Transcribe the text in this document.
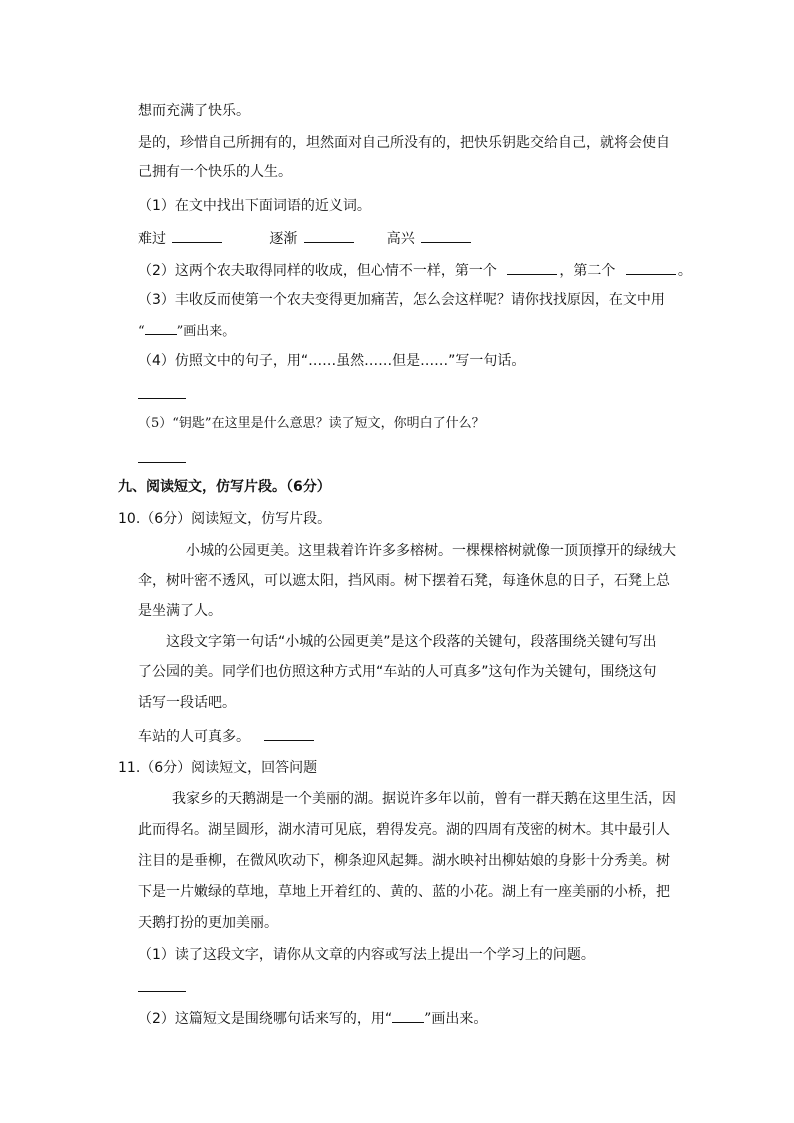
想而充满了快乐。
是的，珍惜自己所拥有的，坦然面对自己所没有的，把快乐钥匙交给自己，就将会使自
己拥有一个快乐的人生。
（1）在文中找出下面词语的近义词。
难过	逐渐	高兴
（2）这两个农夫取得同样的收成，但心情不一样，第一个	，第二个	。
（3）丰收反而使第一个农夫变得更加痛苦，怎么会这样呢？请你找找原因，在文中用
“ ”画出来。
（4）仿照文中的句子，用“……虽然……但是……”写一句话。
（5）“钥匙”在这里是什么意思？读了短文，你明白了什么？
九、阅读短文，仿写片段。（6分）
10.（6分）阅读短文，仿写片段。
小城的公园更美。这里栽着许许多多榕树。一棵棵榕树就像一顶顶撑开的绿绒大
伞，树叶密不透风，可以遮太阳，挡风雨。树下摆着石凳，每逢休息的日子，石凳上总
是坐满了人。
这段文字第一句话“小城的公园更美”是这个段落的关键句，段落围绕关键句写出
了公园的美。同学们也仿照这种方式用“车站的人可真多”这句作为关键句，围绕这句
话写一段话吧。
车站的人可真多。
11.（6分）阅读短文，回答问题
我家乡的天鹅湖是一个美丽的湖。据说许多年以前，曾有一群天鹅在这里生活，因
此而得名。湖呈圆形，湖水清可见底，碧得发亮。湖的四周有茂密的树木。其中最引人
注目的是垂柳，在微风吹动下，柳条迎风起舞。湖水映衬出柳姑娘的身影十分秀美。树
下是一片嫩绿的草地，草地上开着红的、黄的、蓝的小花。湖上有一座美丽的小桥，把
天鹅打扮的更加美丽。
（1）读了这段文字，请你从文章的内容或写法上提出一个学习上的问题。
（2）这篇短文是围绕哪句话来写的，用“ ”画出来。
